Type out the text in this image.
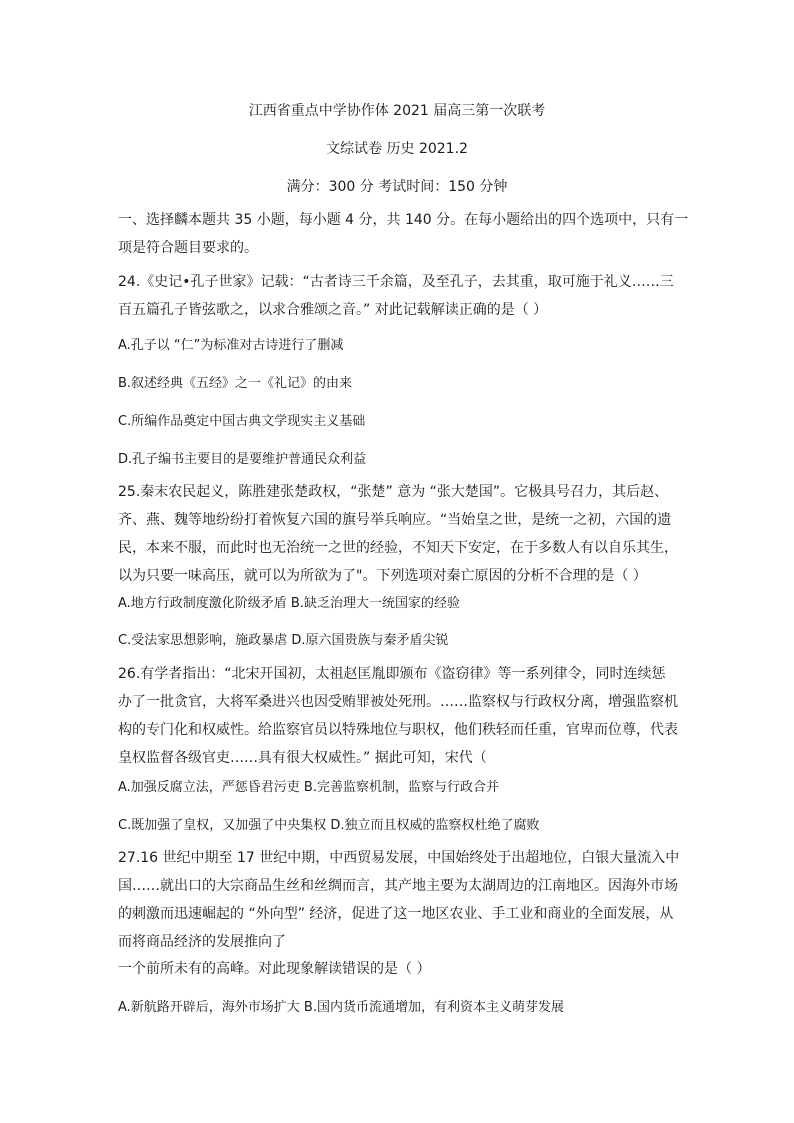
江西省重点中学协作体 2021 届高三第一次联考
文综试卷 历史 2021.2
满分：300 分 考试时间：150 分钟
一、选择麟本题共 35 小题，每小题 4 分，共 140 分。在每小题给出的四个选项中，只有一
项是符合题目要求的。
24.《史记•孔子世家》记载：“古者诗三千余篇，及至孔子，去其重，取可施于礼义……三
百五篇孔子皆弦歌之，以求合雅颂之音。” 对此记载解读正确的是（ ）
A.孔子以 “仁”为标准对古诗进行了删减
B.叙述经典《五经》之一《礼记》的由来
C.所编作品奠定中国古典文学现实主义基础
D.孔子编书主要目的是要维护普通民众利益
25.秦末农民起义，陈胜建张楚政权，“张楚” 意为 “张大楚国”。它极具号召力，其后赵、
齐、燕、魏等地纷纷打着恢复六国的旗号举兵响应。“当始皇之世，是统一之初，六国的遗
民，本来不服，而此时也无治统一之世的经验，不知天下安定，在于多数人有以自乐其生，
以为只要一味高压，就可以为所欲为了"。下列选项对秦亡原因的分析不合理的是（ ）
A.地方行政制度激化阶级矛盾 B.缺乏治理大一统国家的经验
C.受法家思想影响，施政暴虐 D.原六国贵族与秦矛盾尖锐
26.有学者指出：“北宋开国初，太祖赵匡胤即颁布《盗窃律》等一系列律令，同时连续惩
办了一批贪官，大将军桑进兴也因受贿罪被处死刑。……监察权与行政权分离，增强监察机
构的专门化和权威性。给监察官员以特殊地位与职权，他们秩轻而任重，官卑而位尊，代表
皇权监督各级官吏……具有很大权威性。” 据此可知，宋代（
A.加强反腐立法，严惩昏君污吏 B.完善监察机制，监察与行政合并
C.既加强了皇权，又加强了中央集权 D.独立而且权威的监察权杜绝了腐败
27.16 世纪中期至 17 世纪中期，中西贸易发展，中国始终处于出超地位，白银大量流入中
国……就出口的大宗商品生丝和丝绸而言，其产地主要为太湖周边的江南地区。因海外市场
的刺激而迅速崛起的 “外向型” 经济，促进了这一地区农业、手工业和商业的全面发展，从
而将商品经济的发展推向了
一个前所未有的高峰。对此现象解读错误的是（ ）
A.新航路开辟后，海外市场扩大 B.国内货币流通增加，有利资本主义萌芽发展
